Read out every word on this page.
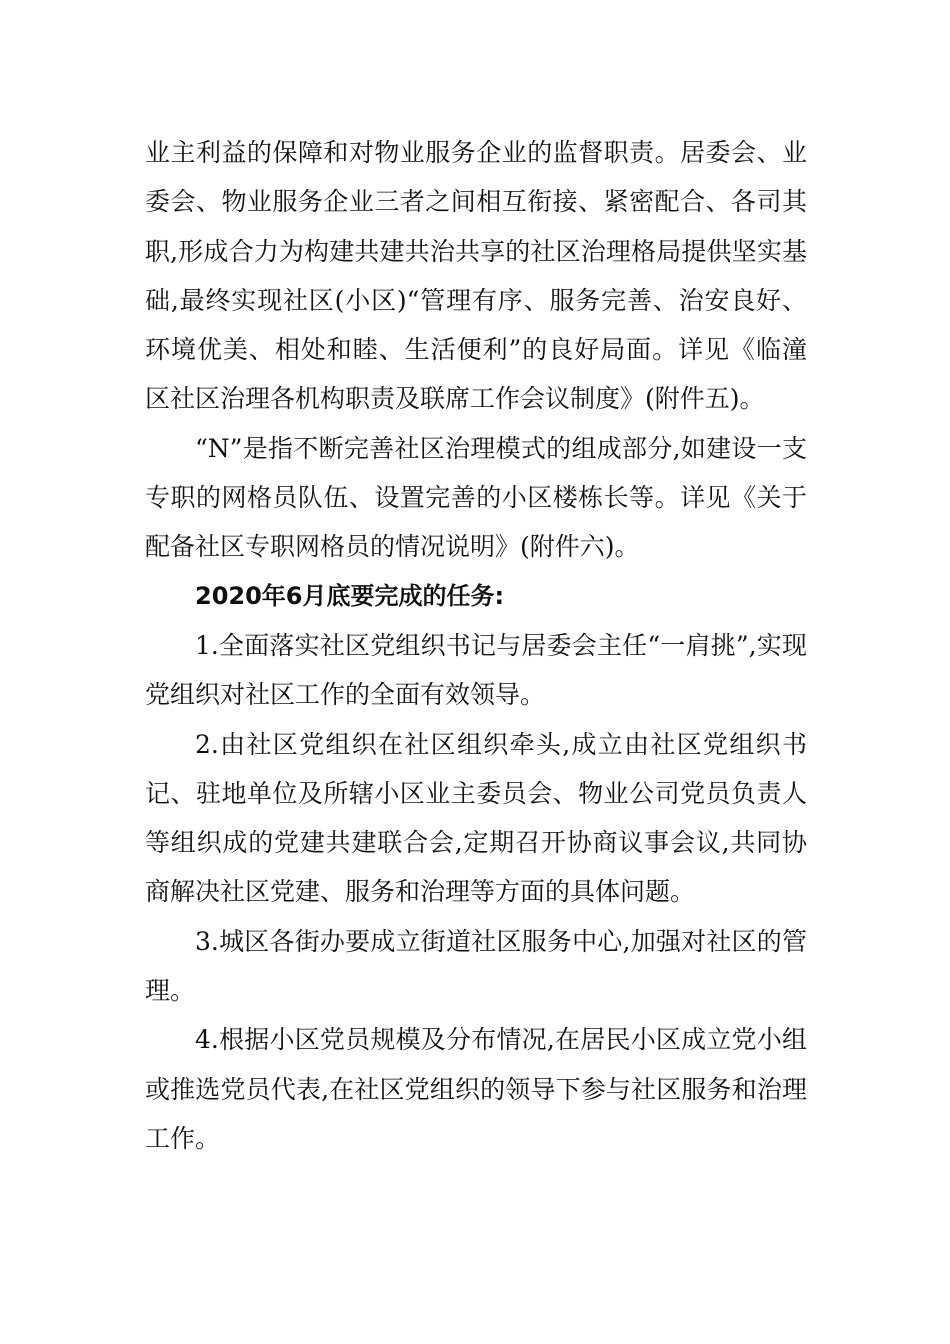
业主利益的保障和对物业服务企业的监督职责。居委会、业委会、物业服务企业三者之间相互衔接、紧密配合、各司其职,形成合力为构建共建共治共享的社区治理格局提供坚实基础,最终实现社区(小区)“管理有序、服务完善、治安良好、环境优美、相处和睦、生活便利”的良好局面。详见《临潼区社区治理各机构职责及联席工作会议制度》(附件五)。

“N”是指不断完善社区治理模式的组成部分,如建设一支专职的网格员队伍、设置完善的小区楼栋长等。详见《关于配备社区专职网格员的情况说明》(附件六)。

2020年6月底要完成的任务:

1.全面落实社区党组织书记与居委会主任“一肩挑”,实现党组织对社区工作的全面有效领导。

2.由社区党组织在社区组织牵头,成立由社区党组织书记、驻地单位及所辖小区业主委员会、物业公司党员负责人等组织成的党建共建联合会,定期召开协商议事会议,共同协商解决社区党建、服务和治理等方面的具体问题。

3.城区各街办要成立街道社区服务中心,加强对社区的管理。

4.根据小区党员规模及分布情况,在居民小区成立党小组或推选党员代表,在社区党组织的领导下参与社区服务和治理工作。
